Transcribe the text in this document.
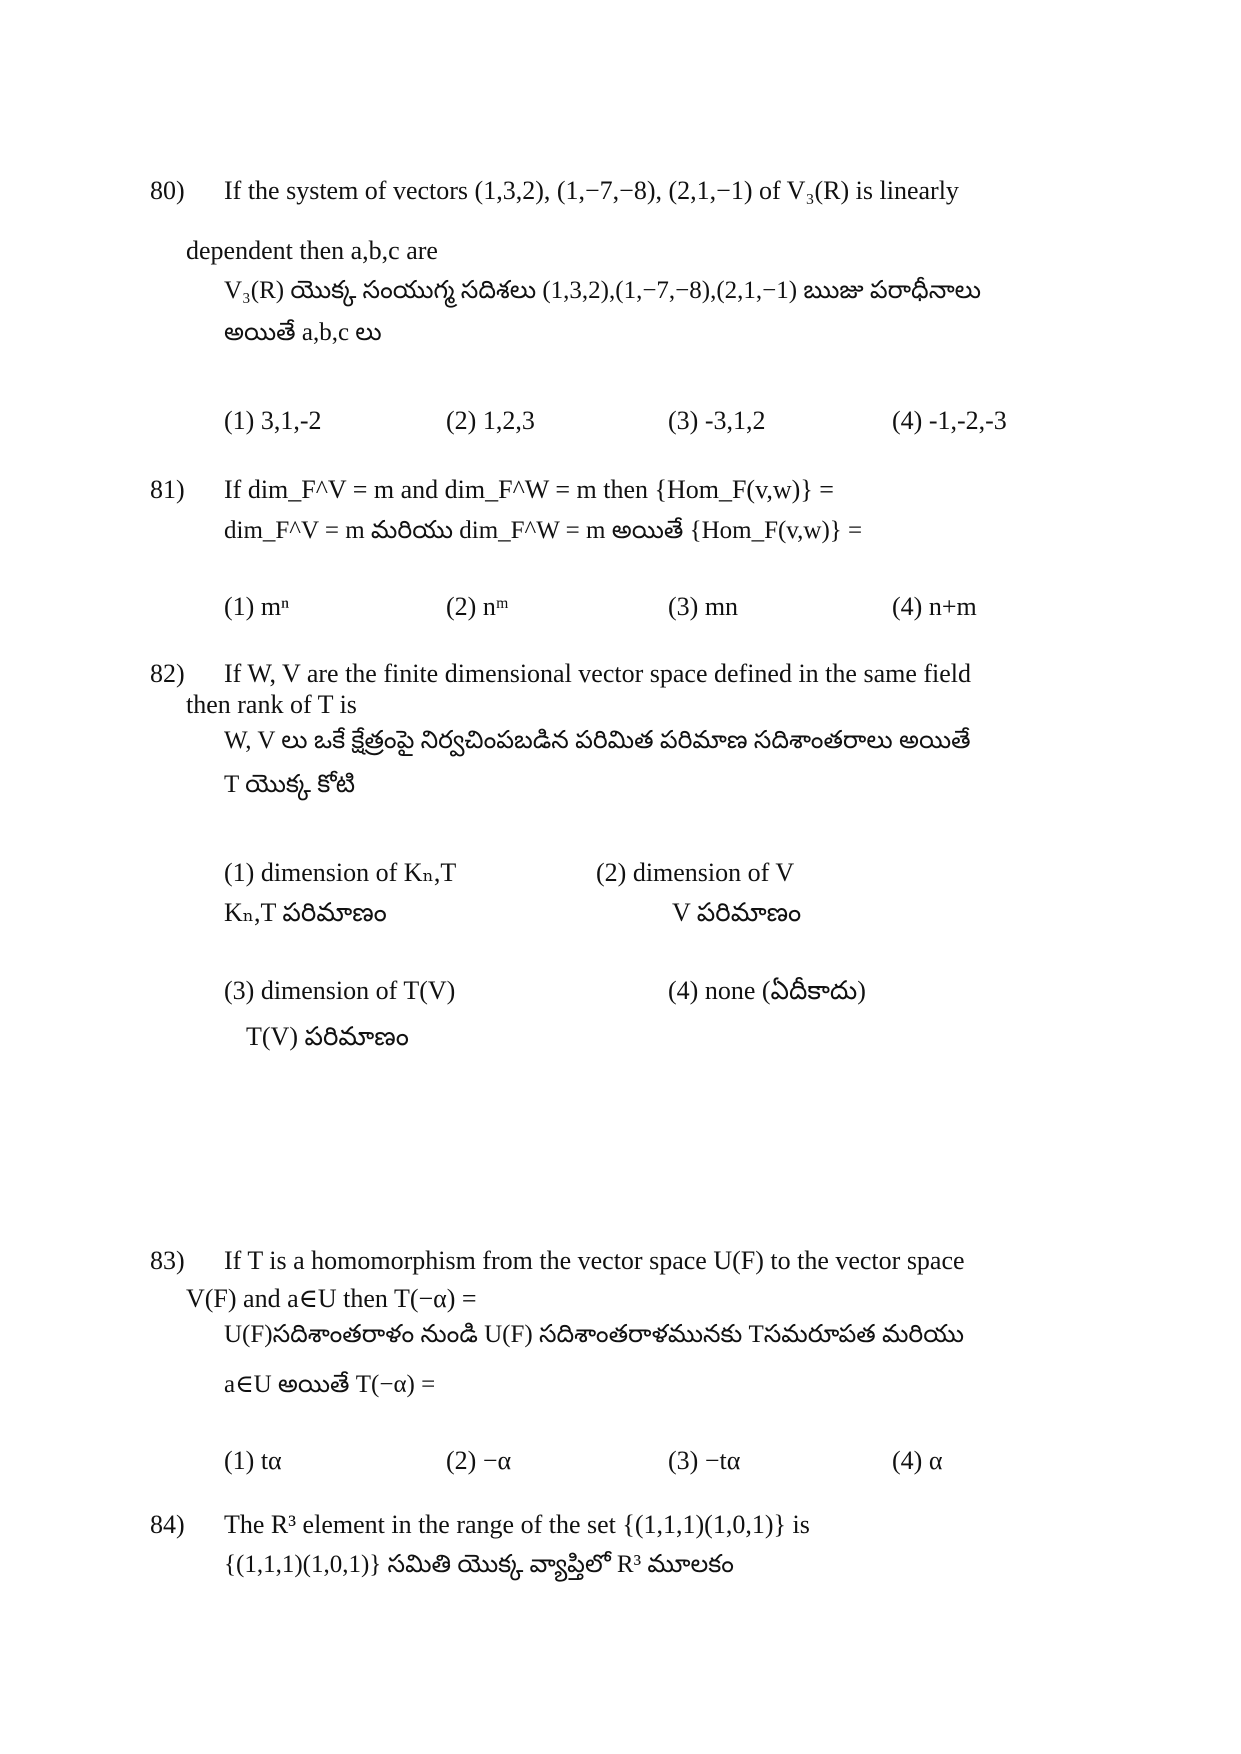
80) If the system of vectors (1,3,2), (1,−7,−8), (2,1,−1) of V₃(R) is linearly
dependent then a,b,c are
V₃(R) యొక్క సంయుగ్మ సదిశలు (1,3,2),(1,−7,−8),(2,1,−1) ఋజు పరాధీనాలు
అయితే a,b,c లు
(1) 3,1,-2	(2) 1,2,3	(3) -3,1,2	(4) -1,-2,-3
81) If dim_F^V = m and dim_F^W = m then {Hom_F(v,w)} =
dim_F^V = m మరియు dim_F^W = m అయితే {Hom_F(v,w)} =
(1) mⁿ	(2) nᵐ	(3) mn	(4) n+m
82) If W, V are the finite dimensional vector space defined in the same field
then rank of T is
W, V లు ఒకే క్షేత్రంపై నిర్వచింపబడిన పరిమిత పరిమాణ సదిశాంతరాలు అయితే
T యొక్క కోటి
(1) dimension of Kₙ,T
Kₙ,T పరిమాణం
(2) dimension of V
V పరిమాణం
(3) dimension of T(V)
T(V) పరిమాణం
(4) none (ఏదీకాదు)
83) If T is a homomorphism from the vector space U(F) to the vector space
V(F) and a∈U then T(−α) =
U(F)సదిశాంతరాళం నుండి U(F) సదిశాంతరాళమునకు Tసమరూపత మరియు
a∈U అయితే T(−α) =
(1) tα	(2) −α	(3) −tα	(4) α
84) The R³ element in the range of the set {(1,1,1)(1,0,1)} is
{(1,1,1)(1,0,1)} సమితి యొక్క వ్యాప్తిలో R³ మూలకం
